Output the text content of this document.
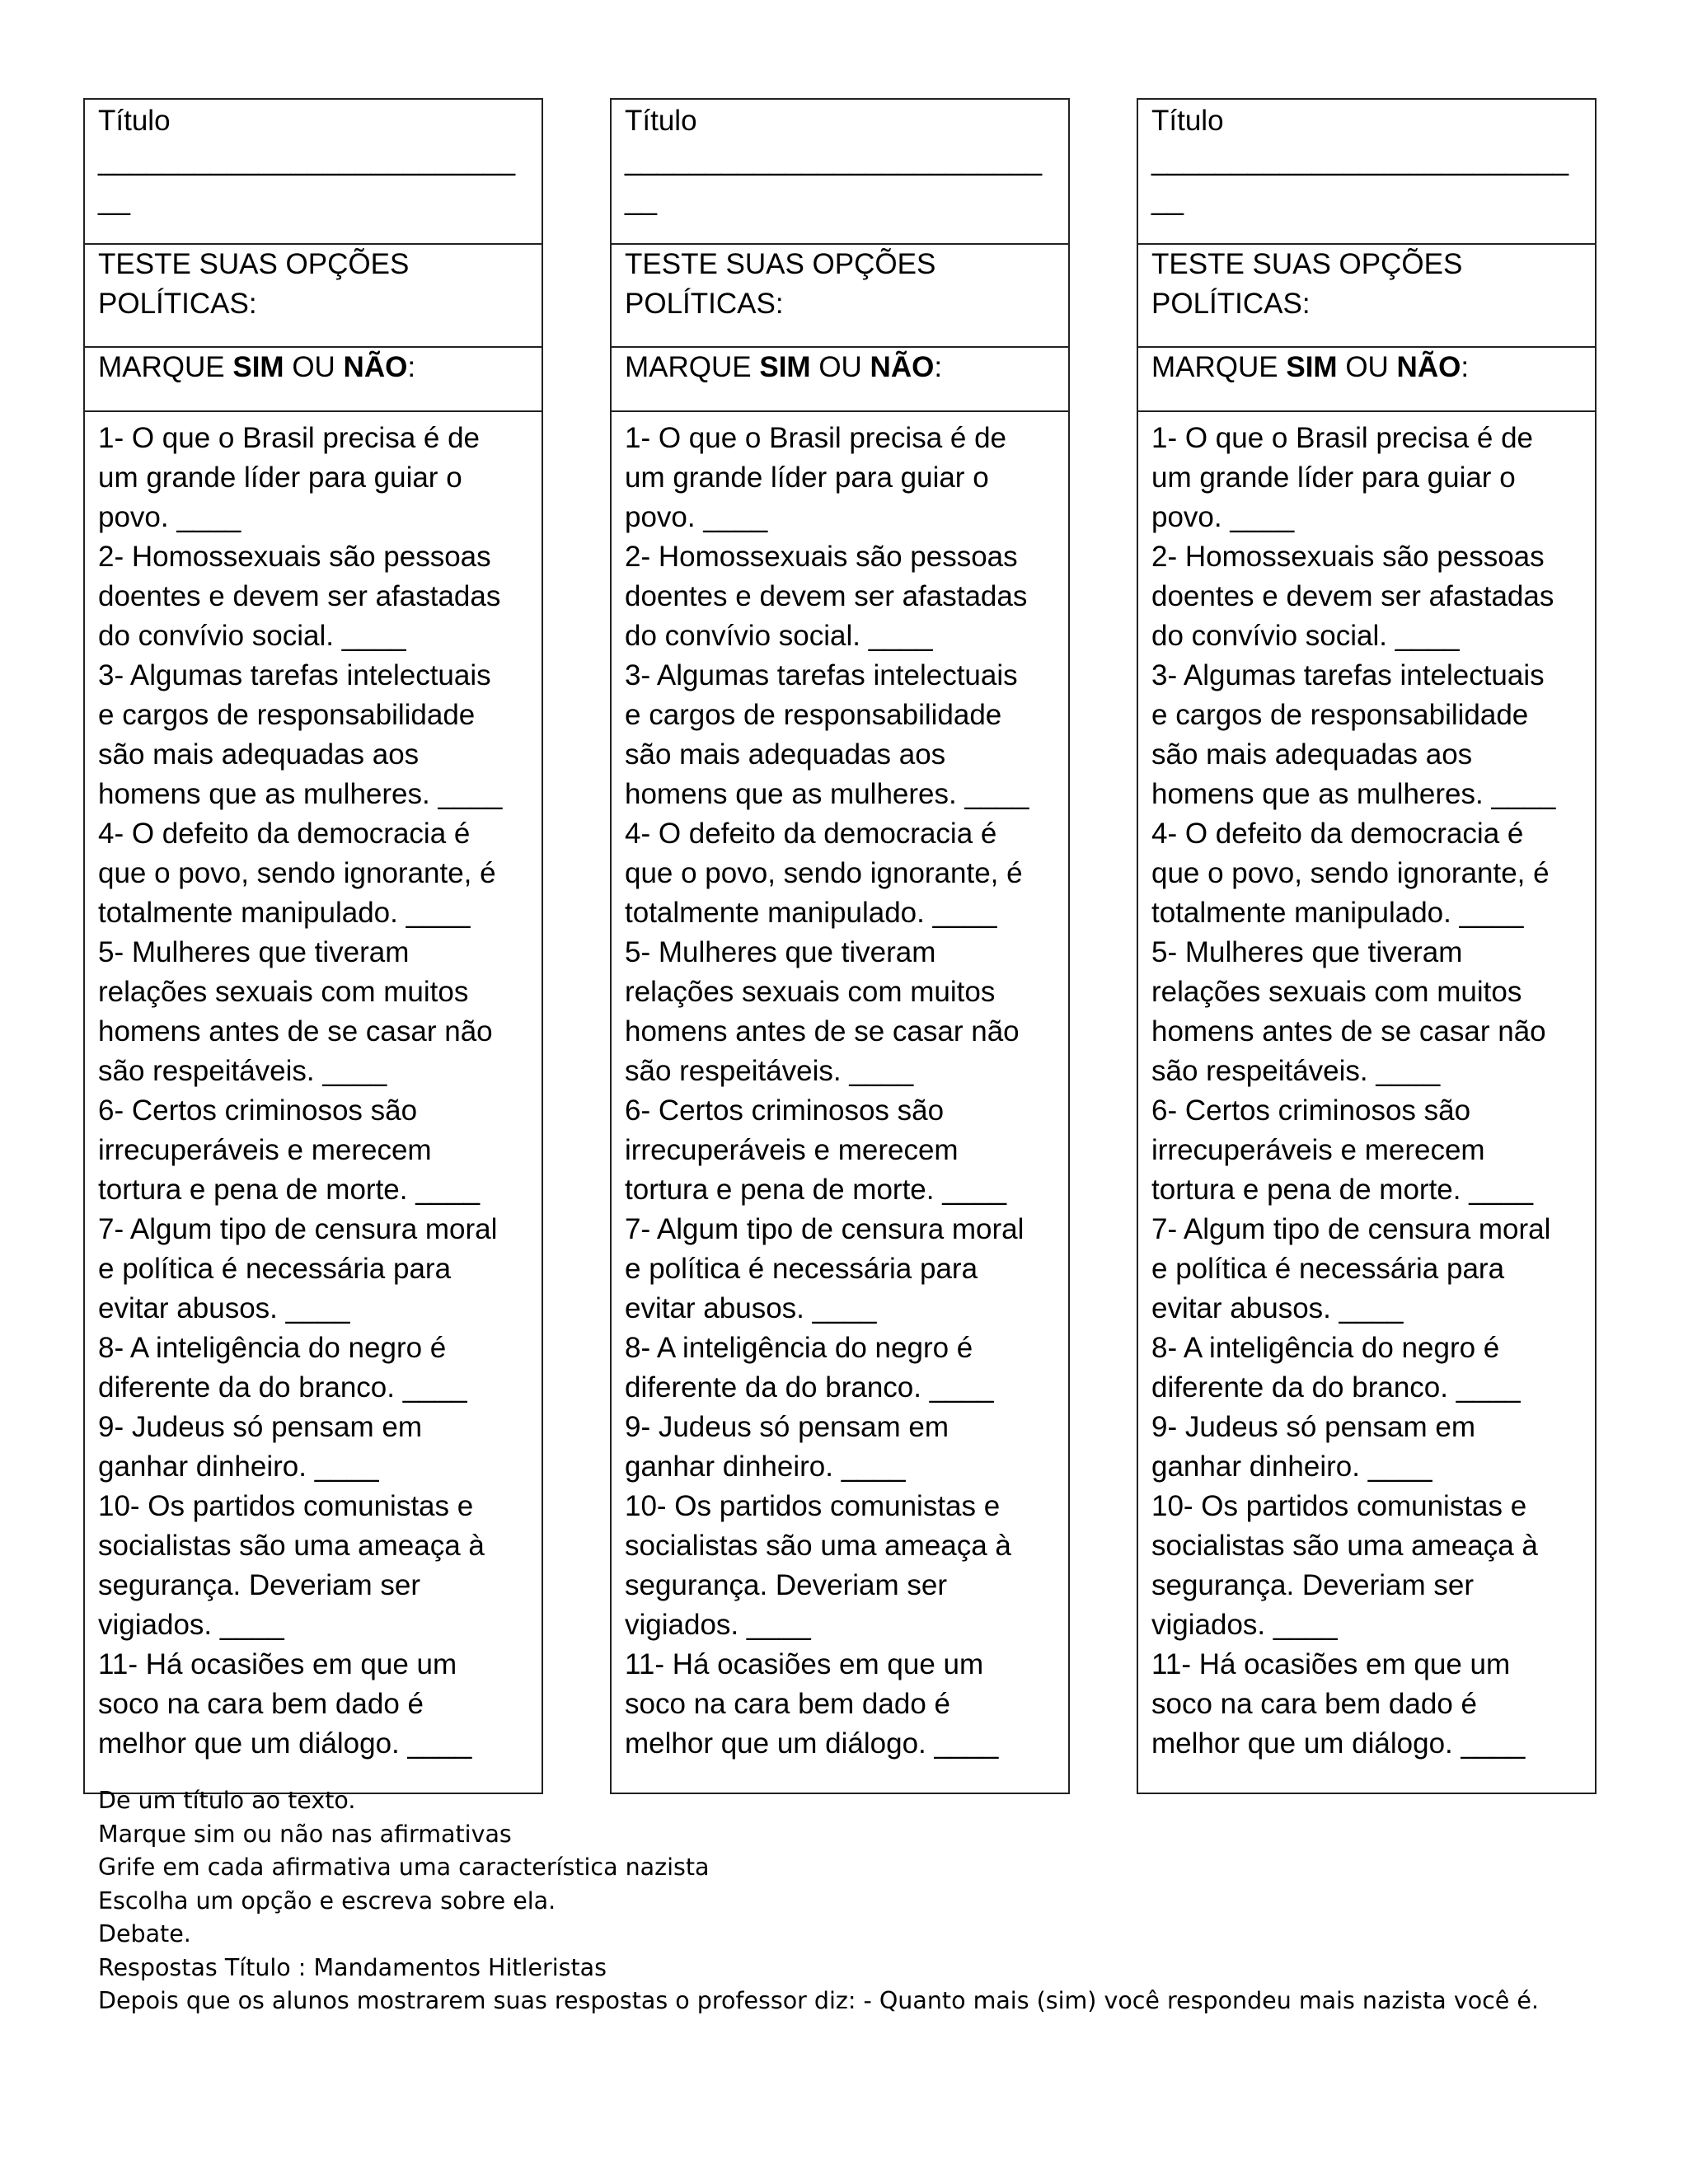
Título
__________________________
__
TESTE SUAS OPÇÕES
POLÍTICAS:
MARQUE SIM OU NÃO:
1- O que o Brasil precisa é de
um grande líder para guiar o
povo. ____
2- Homossexuais são pessoas
doentes e devem ser afastadas
do convívio social. ____
3- Algumas tarefas intelectuais
e cargos de responsabilidade
são mais adequadas aos
homens que as mulheres. ____
4- O defeito da democracia é
que o povo, sendo ignorante, é
totalmente manipulado. ____
5- Mulheres que tiveram
relações sexuais com muitos
homens antes de se casar não
são respeitáveis. ____
6- Certos criminosos são
irrecuperáveis e merecem
tortura e pena de morte. ____
7- Algum tipo de censura moral
e política é necessária para
evitar abusos. ____
8- A inteligência do negro é
diferente da do branco. ____
9- Judeus só pensam em
ganhar dinheiro. ____
10- Os partidos comunistas e
socialistas são uma ameaça à
segurança. Deveriam ser
vigiados. ____
11- Há ocasiões em que um
soco na cara bem dado é
melhor que um diálogo. ____
Título
__________________________
__
TESTE SUAS OPÇÕES
POLÍTICAS:
MARQUE SIM OU NÃO:
1- O que o Brasil precisa é de
um grande líder para guiar o
povo. ____
2- Homossexuais são pessoas
doentes e devem ser afastadas
do convívio social. ____
3- Algumas tarefas intelectuais
e cargos de responsabilidade
são mais adequadas aos
homens que as mulheres. ____
4- O defeito da democracia é
que o povo, sendo ignorante, é
totalmente manipulado. ____
5- Mulheres que tiveram
relações sexuais com muitos
homens antes de se casar não
são respeitáveis. ____
6- Certos criminosos são
irrecuperáveis e merecem
tortura e pena de morte. ____
7- Algum tipo de censura moral
e política é necessária para
evitar abusos. ____
8- A inteligência do negro é
diferente da do branco. ____
9- Judeus só pensam em
ganhar dinheiro. ____
10- Os partidos comunistas e
socialistas são uma ameaça à
segurança. Deveriam ser
vigiados. ____
11- Há ocasiões em que um
soco na cara bem dado é
melhor que um diálogo. ____
Título
__________________________
__
TESTE SUAS OPÇÕES
POLÍTICAS:
MARQUE SIM OU NÃO:
1- O que o Brasil precisa é de
um grande líder para guiar o
povo. ____
2- Homossexuais são pessoas
doentes e devem ser afastadas
do convívio social. ____
3- Algumas tarefas intelectuais
e cargos de responsabilidade
são mais adequadas aos
homens que as mulheres. ____
4- O defeito da democracia é
que o povo, sendo ignorante, é
totalmente manipulado. ____
5- Mulheres que tiveram
relações sexuais com muitos
homens antes de se casar não
são respeitáveis. ____
6- Certos criminosos são
irrecuperáveis e merecem
tortura e pena de morte. ____
7- Algum tipo de censura moral
e política é necessária para
evitar abusos. ____
8- A inteligência do negro é
diferente da do branco. ____
9- Judeus só pensam em
ganhar dinheiro. ____
10- Os partidos comunistas e
socialistas são uma ameaça à
segurança. Deveriam ser
vigiados. ____
11- Há ocasiões em que um
soco na cara bem dado é
melhor que um diálogo. ____
De um título ao texto.
Marque sim ou não nas afirmativas
Grife em cada afirmativa uma característica nazista
Escolha um opção e escreva sobre ela.
Debate.
Respostas Título : Mandamentos Hitleristas
Depois que os alunos mostrarem suas respostas o professor diz: - Quanto mais (sim) você respondeu mais nazista você é.
